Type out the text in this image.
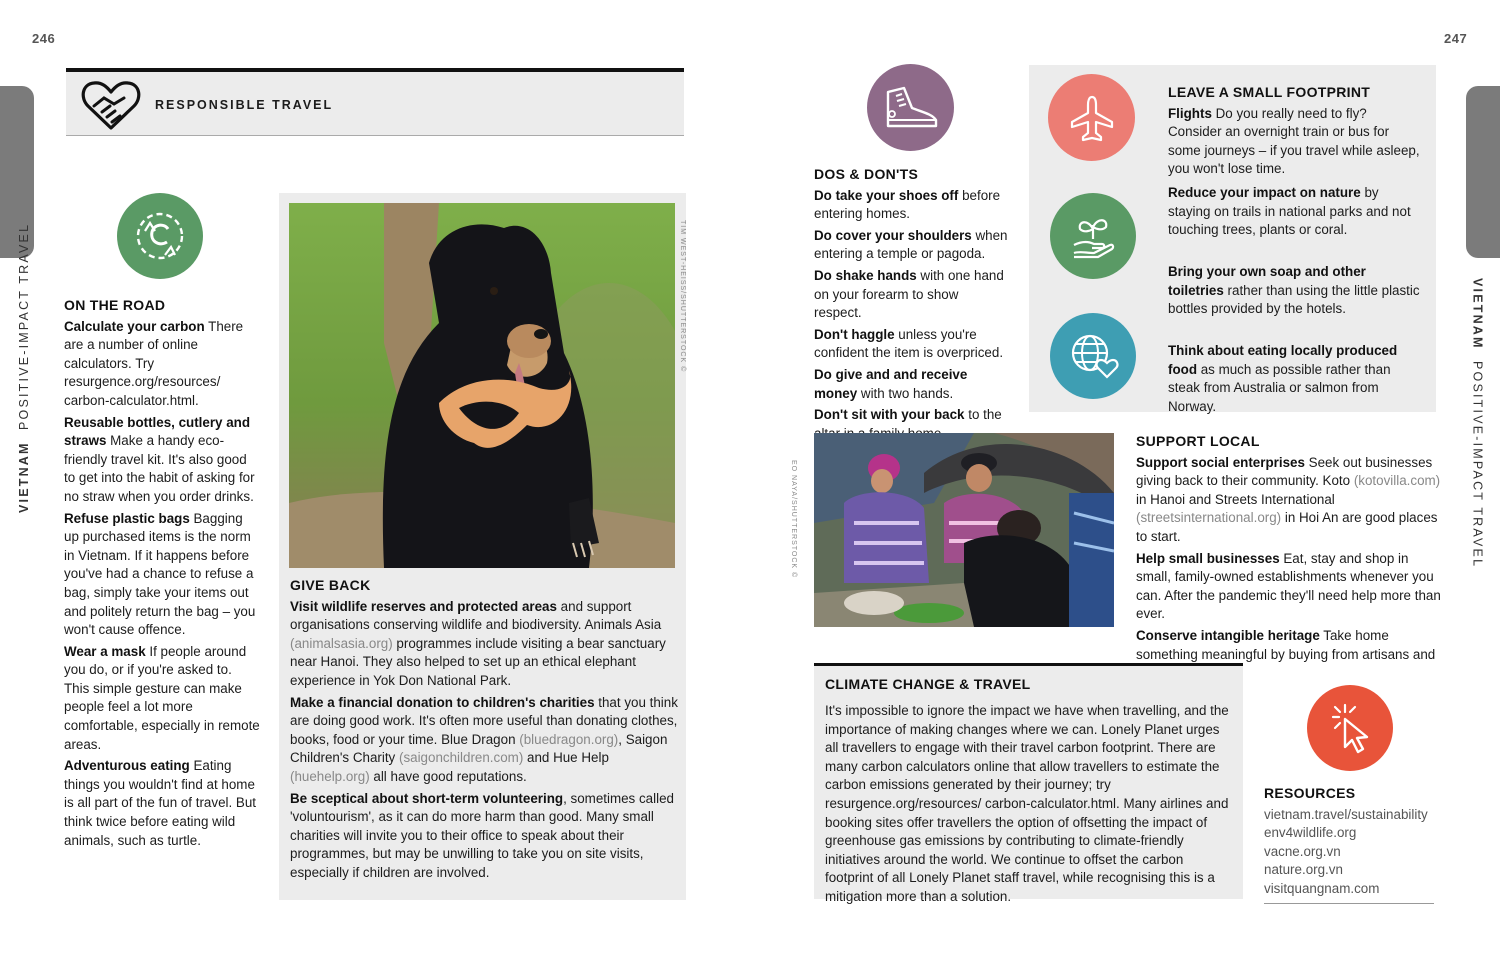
246	247
VIETNAM  POSITIVE-IMPACT TRAVEL	VIETNAM  POSITIVE-IMPACT TRAVEL
RESPONSIBLE TRAVEL
ON THE ROAD

Calculate your carbon There are a number of online calculators. Try resurgence.org/resources/ carbon-calculator.html.

Reusable bottles, cutlery and straws Make a handy eco-friendly travel kit. It's also good to get into the habit of asking for no straw when you order drinks.

Refuse plastic bags Bagging up purchased items is the norm in Vietnam. If it happens before you've had a chance to refuse a bag, simply take your items out and politely return the bag – you won't cause offence.

Wear a mask If people around you do, or if you're asked to. This simple gesture can make people feel a lot more comfortable, especially in remote areas.

Adventurous eating Eating things you wouldn't find at home is all part of the fun of travel. But think twice before eating wild animals, such as turtle.

TIM WEST-HEISS/SHUTTERSTOCK ©
GIVE BACK

Visit wildlife reserves and protected areas and support organisations conserving wildlife and biodiversity. Animals Asia (animalsasia.org) programmes include visiting a bear sanctuary near Hanoi. They also helped to set up an ethical elephant experience in Yok Don National Park.

Make a financial donation to children's charities that you think are doing good work. It's often more useful than donating clothes, books, food or your time. Blue Dragon (bluedragon.org), Saigon Children's Charity (saigonchildren.com) and Hue Help (huehelp.org) all have good reputations.

Be sceptical about short-term volunteering, sometimes called 'voluntourism', as it can do more harm than good. Many small charities will invite you to their office to speak about their programmes, but may be unwilling to take you on site visits, especially if children are involved.

DOS & DON'TS

Do take your shoes off before entering homes.

Do cover your shoulders when entering a temple or pagoda.

Do shake hands with one hand on your forearm to show respect.

Don't haggle unless you're confident the item is overpriced.

Do give and and receive money with two hands.

Don't sit with your back to the

LEAVE A SMALL FOOTPRINT

Flights Do you really need to fly? Consider an overnight train or bus for some journeys – if you travel while asleep, you won't lose time.

Reduce your impact on nature by staying on trails in national parks and not touching trees, plants or coral.

Bring your own soap and other toiletries rather than using the little plastic bottles provided by the hotels.

Think about eating locally produced food as much as possible rather than steak from Australia or salmon from Norway.

EO NAYA/SHUTTERSTOCK ©
SUPPORT LOCAL

Support social enterprises Seek out businesses giving back to their community. Koto (kotovilla.com) in Hanoi and Streets International (streetsinternational.org) in Hoi An are good places to start.

Help small businesses Eat, stay and shop in small, family-owned establishments whenever you can. After the pandemic they'll need help more than ever.

Conserve intangible heritage Take home something meaningful by buying from artisans and

CLIMATE CHANGE & TRAVEL
It's impossible to ignore the impact we have when travelling, and the importance of making changes where we can. Lonely Planet urges all travellers to engage with their travel carbon footprint. There are many carbon calculators online that allow travellers to estimate the carbon emissions generated by their journey; try resurgence.org/resources/ carbon-calculator.html. Many airlines and booking sites offer travellers the option of offsetting the impact of greenhouse gas emissions by contributing to climate-friendly initiatives around the world. We continue to offset the carbon footprint of all Lonely Planet staff travel, while recognising this is a mitigation more than a solution.
RESOURCES
vietnam.travel/sustainability
env4wildlife.org
vacne.org.vn
nature.org.vn
visitquangnam.com
